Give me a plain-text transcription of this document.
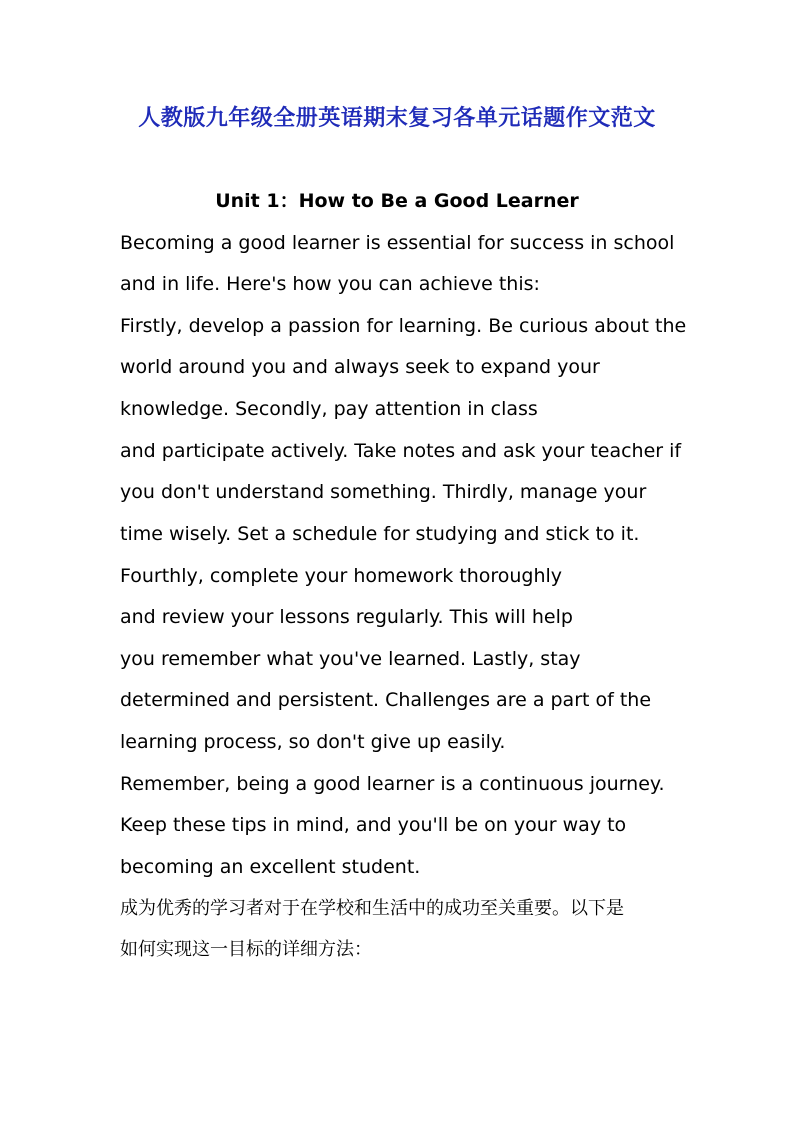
人教版九年级全册英语期末复习各单元话题作文范文
Unit 1：How to Be a Good Learner
Becoming a good learner is essential for success in school
and in life. Here's how you can achieve this:
Firstly, develop a passion for learning. Be curious about the
world around you and always seek to expand your
knowledge. Secondly, pay attention in class
and participate actively. Take notes and ask your teacher if
you don't understand something. Thirdly, manage your
time wisely. Set a schedule for studying and stick to it.
Fourthly, complete your homework thoroughly
and review your lessons regularly. This will help
you remember what you've learned. Lastly, stay
determined and persistent. Challenges are a part of the
learning process, so don't give up easily.
Remember, being a good learner is a continuous journey.
Keep these tips in mind, and you'll be on your way to
becoming an excellent student.
成为优秀的学习者对于在学校和生活中的成功至关重要。以下是
如何实现这一目标的详细方法：
